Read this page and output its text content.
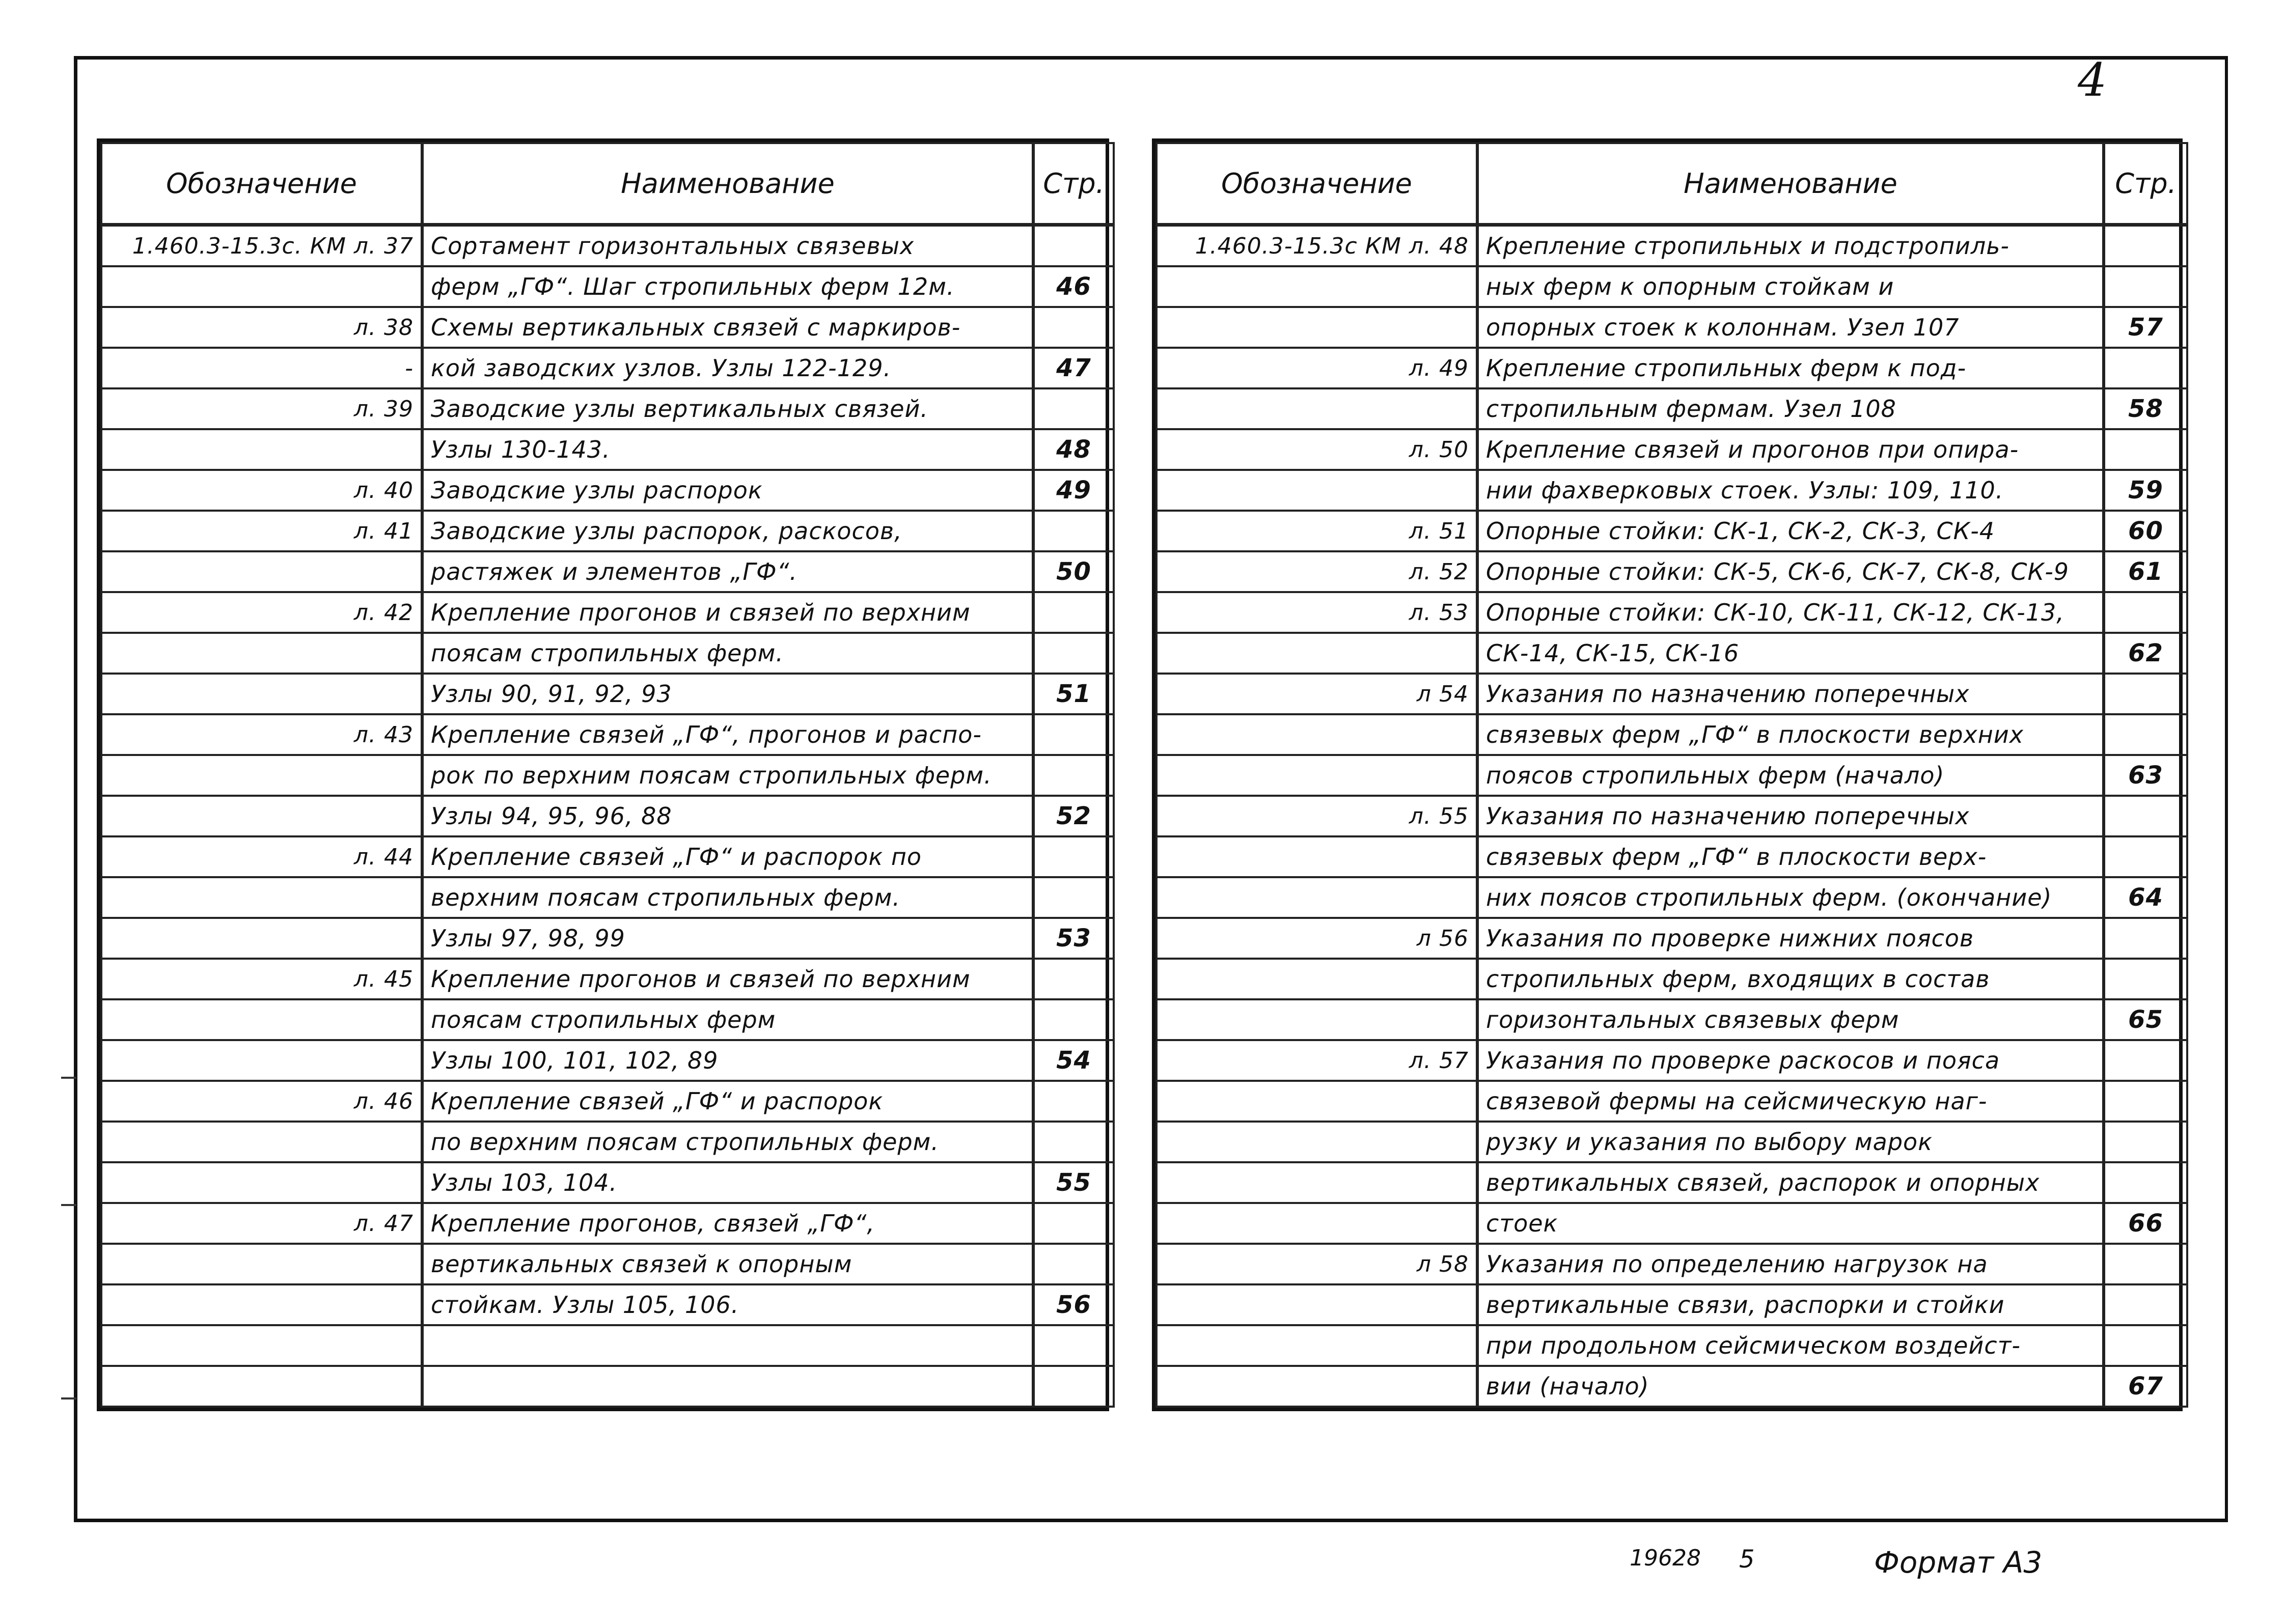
4
Обозначение	Наименование	Стр.
1.460.3-15.3с. КМ л. 37	Сортамент горизонтальных связевых	
	ферм „ГФ“. Шаг стропильных ферм 12м.	46
л. 38	Схемы вертикальных связей с маркиров-	
-	кой заводских узлов. Узлы 122-129.	47
л. 39	Заводские узлы вертикальных связей.	
	Узлы 130-143.	48
л. 40	Заводские узлы распорок	49
л. 41	Заводские узлы распорок, раскосов,	
	растяжек и элементов „ГФ“.	50
л. 42	Крепление прогонов и связей по верхним	
	поясам стропильных ферм.	
	Узлы 90, 91, 92, 93	51
л. 43	Крепление связей „ГФ“, прогонов и распо-	
	рок по верхним поясам стропильных ферм.	
	Узлы 94, 95, 96, 88	52
л. 44	Крепление связей „ГФ“ и распорок по	
	верхним поясам стропильных ферм.	
	Узлы 97, 98, 99	53
л. 45	Крепление прогонов и связей по верхним	
	поясам стропильных ферм	
	Узлы 100, 101, 102, 89	54
л. 46	Крепление связей „ГФ“ и распорок	
	по верхним поясам стропильных ферм.	
	Узлы 103, 104.	55
л. 47	Крепление прогонов, связей „ГФ“,	
	вертикальных связей к опорным	
	стойкам. Узлы 105, 106.	56

Обозначение	Наименование	Стр.
1.460.3-15.3с КМ л. 48	Крепление стропильных и подстропиль-	
	ных ферм к опорным стойкам и	
	опорных стоек к колоннам. Узел 107	57
л. 49	Крепление стропильных ферм к под-	
	стропильным фермам. Узел 108	58
л. 50	Крепление связей и прогонов при опира-	
	нии фахверковых стоек. Узлы: 109, 110.	59
л. 51	Опорные стойки: СК-1, СК-2, СК-3, СК-4	60
л. 52	Опорные стойки: СК-5, СК-6, СК-7, СК-8, СК-9	61
л. 53	Опорные стойки: СК-10, СК-11, СК-12, СК-13,	
	СК-14, СК-15, СК-16	62
л 54	Указания по назначению поперечных	
	связевых ферм „ГФ“ в плоскости верхних	
	поясов стропильных ферм (начало)	63
л. 55	Указания по назначению поперечных	
	связевых ферм „ГФ“ в плоскости верх-	
	них поясов стропильных ферм. (окончание)	64
л 56	Указания по проверке нижних поясов	
	стропильных ферм, входящих в состав	
	горизонтальных связевых ферм	65
л. 57	Указания по проверке раскосов и пояса	
	связевой фермы на сейсмическую наг-	
	рузку и указания по выбору марок	
	вертикальных связей, распорок и опорных	
	стоек	66
л 58	Указания по определению нагрузок на	
	вертикальные связи, распорки и стойки	
	при продольном сейсмическом воздейст-	
	вии (начало)	67
19628 5	Формат А3
